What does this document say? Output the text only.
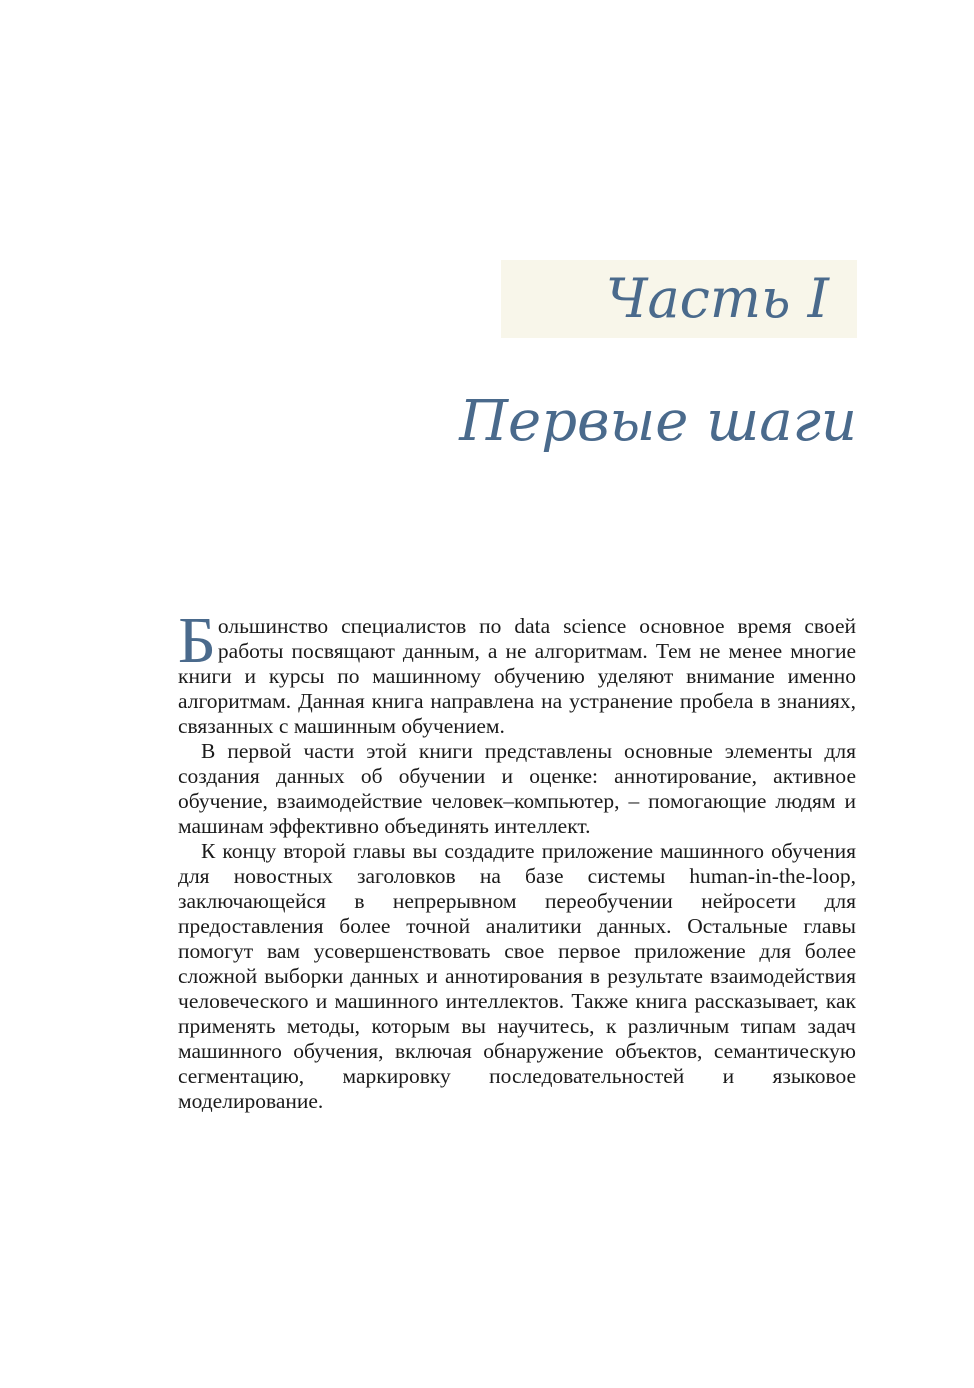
Часть I
Первые шаги

Большинство специалистов по data science основное время своей работы посвящают данным, а не алгоритмам. Тем не менее многие книги и курсы по машинному обучению уделяют внимание именно алгоритмам. Данная книга направлена на устранение пробела в знаниях, связанных с машинным обучением.

В первой части этой книги представлены основные элементы для создания данных об обучении и оценке: аннотирование, активное обучение, взаимодействие человек–компьютер, – помогающие людям и машинам эффективно объединять интеллект.

К концу второй главы вы создадите приложение машинного обучения для новостных заголовков на базе системы human-in-the-loop, заключающейся в непрерывном переобучении нейросети для предоставления более точной аналитики данных. Остальные главы помогут вам усовершенствовать свое первое приложение для более сложной выборки данных и аннотирования в результате взаимодействия человеческого и машинного интеллектов. Также книга рассказывает, как применять методы, которым вы научитесь, к различным типам задач машинного обучения, включая обнаружение объектов, семантическую сегментацию, маркировку последовательностей и языковое моделирование.
